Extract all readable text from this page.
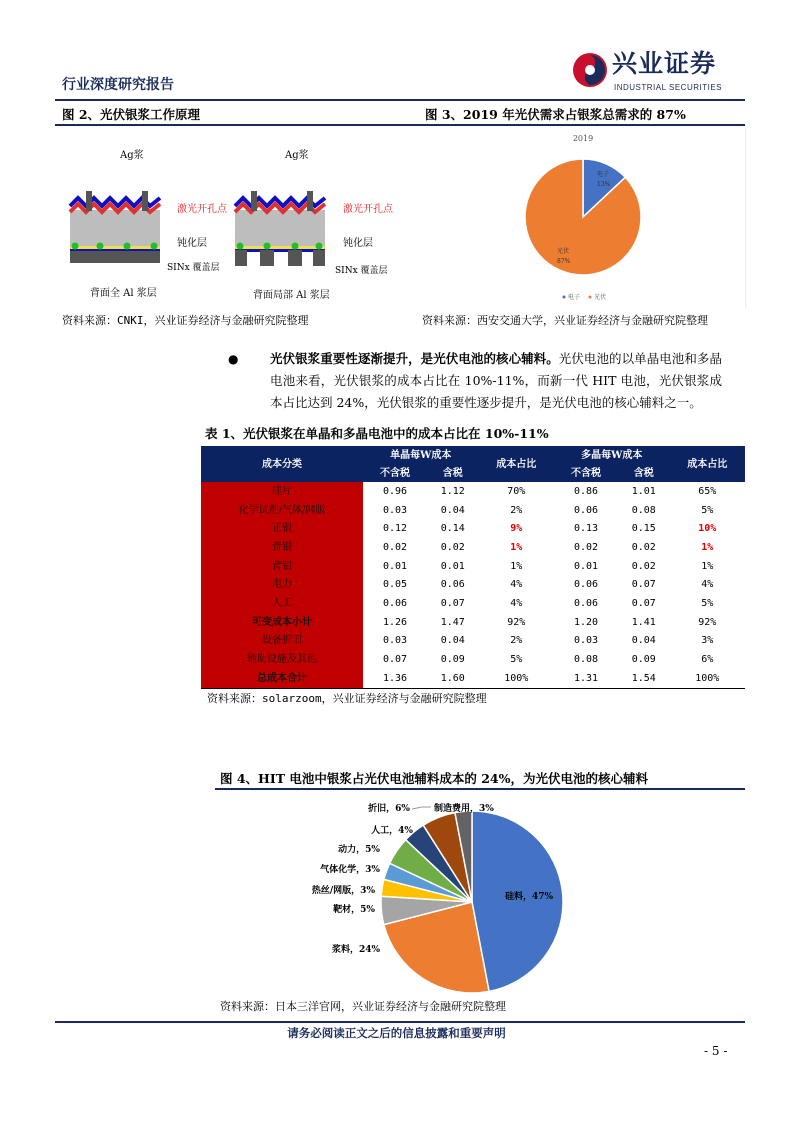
行业深度研究报告
兴业证券
INDUSTRIAL SECURITIES
图 2、光伏银浆工作原理	图 3、2019 年光伏需求占银浆总需求的 87%
Ag浆	Ag浆
激光开孔点	激光开孔点
钝化层	钝化层
SINx 覆盖层	SINx 覆盖层
背面全 Al 浆层	背面局部 Al 浆层
2019
电子
13%
光伏
87%
电子 光伏
资料来源：CNKI，兴业证券经济与金融研究院整理	资料来源：西安交通大学，兴业证券经济与金融研究院整理
●	光伏银浆重要性逐渐提升，是光伏电池的核心辅料。光伏电池的以单晶电池和多晶电池来看，光伏银浆的成本占比在 10%-11%，而新一代 HIT 电池，光伏银浆成本占比达到 24%，光伏银浆的重要性逐步提升，是光伏电池的核心辅料之一。
表 1、光伏银浆在单晶和多晶电池中的成本占比在 10%-11%
成本分类	单晶每W成本		成本占比	多晶每W成本		成本占比
	不含税	含税		不含税	含税	
硅片	0.96	1.12	70%	0.86	1.01	65%
化学试剂/气体/网版	0.03	0.04	2%	0.06	0.08	5%
正银	0.12	0.14	9%	0.13	0.15	10%
背银	0.02	0.02	1%	0.02	0.02	1%
背铝	0.01	0.01	1%	0.01	0.02	1%
电力	0.05	0.06	4%	0.06	0.07	4%
人工	0.06	0.07	4%	0.06	0.07	5%
可变成本小计	1.26	1.47	92%	1.20	1.41	92%
设备折旧	0.03	0.04	2%	0.03	0.04	3%
辅助设施及其他	0.07	0.09	5%	0.08	0.09	6%
总成本合计	1.36	1.60	100%	1.31	1.54	100%
资料来源：solarzoom，兴业证券经济与金融研究院整理
图 4、HIT 电池中银浆占光伏电池辅料成本的 24%，为光伏电池的核心辅料
硅料，47%
浆料，24%
靶材，5%
热丝/网版，3%
气体化学，3%
动力，5%
人工，4%
折旧，6%	制造费用，3%
资料来源：日本三洋官网，兴业证券经济与金融研究院整理
请务必阅读正文之后的信息披露和重要声明
- 5 -
